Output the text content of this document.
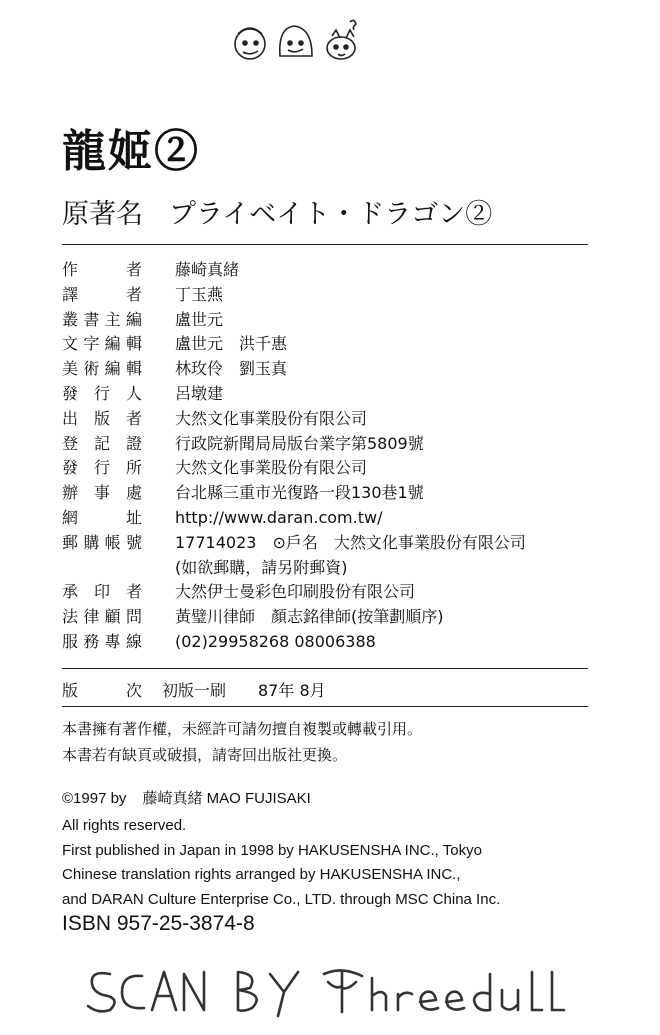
龍姬②
原著名 プライベイト・ドラゴン②
作	者 藤崎真緒
譯	者 丁玉燕
叢 書 主 編 盧世元
文 字 編 輯 盧世元　洪千惠
美 術 編 輯 林玫伶　劉玉真
發 行 人 呂墩建
出 版 者 大然文化事業股份有限公司
登 記 證 行政院新聞局局版台業字第5809號
發 行 所 大然文化事業股份有限公司
辦 事 處 台北縣三重市光復路一段130巷1號
網	址 http://www.daran.com.tw/
郵 購 帳 號 17714023　⊙戶名　大然文化事業股份有限公司
(如欲郵購，請另附郵資)
承 印 者 大然伊士曼彩色印刷股份有限公司
法 律 顧 問 黃璧川律師　顏志銘律師(按筆劃順序)
服 務 專 線 (02)29958268 08006388
版	次 初版一刷　　87年 8月
本書擁有著作權，未經許可請勿擅自複製或轉載引用。
本書若有缺頁或破損，請寄回出版社更換。
©1997 by 藤崎真緒 MAO FUJISAKI
All rights reserved.
First published in Japan in 1998 by HAKUSENSHA INC., Tokyo
Chinese translation rights arranged by HAKUSENSHA INC.,
and DARAN Culture Enterprise Co., LTD. through MSC China Inc.
ISBN 957-25-3874-8
